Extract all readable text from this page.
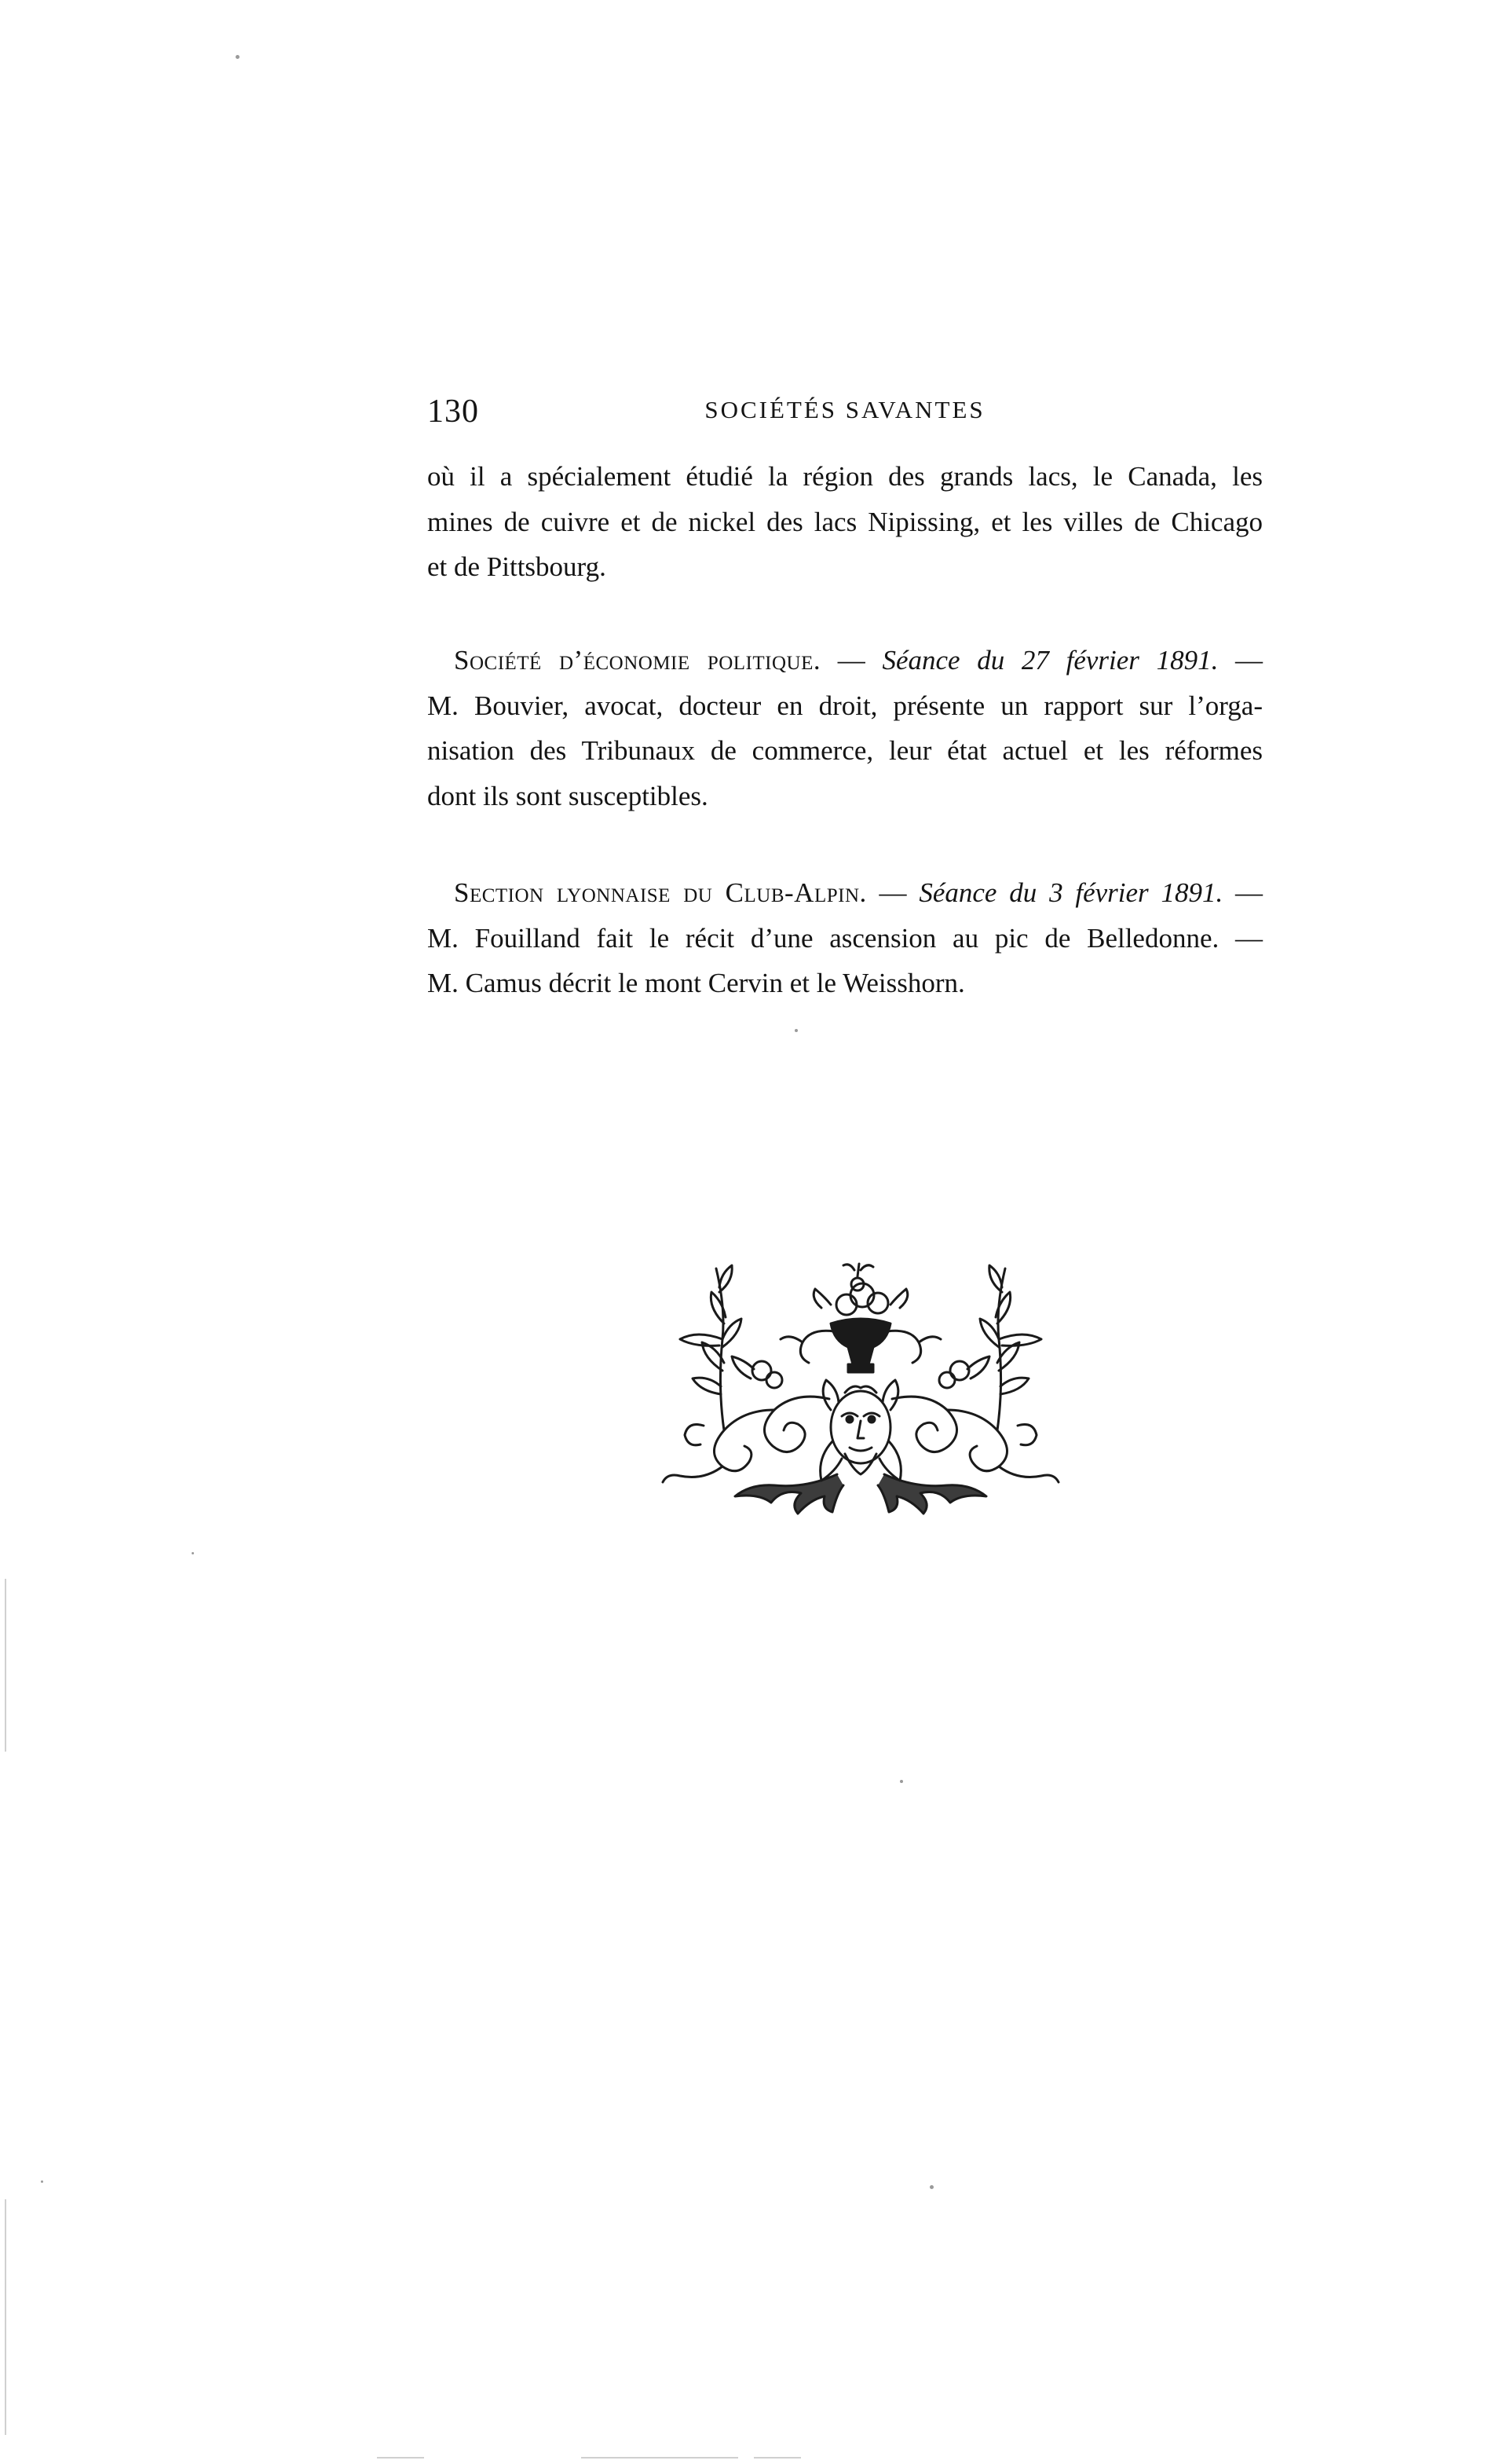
130	SOCIÉTÉS SAVANTES
où il a spécialement étudié la région des grands lacs, le Canada, les
mines de cuivre et de nickel des lacs Nipissing, et les villes de Chicago
et de Pittsbourg.
Société d’économie politique. — Séance du 27 février 1891. —
M. Bouvier, avocat, docteur en droit, présente un rapport sur l’orga-
nisation des Tribunaux de commerce, leur état actuel et les réformes
dont ils sont susceptibles.
Section lyonnaise du Club-Alpin. — Séance du 3 février 1891. —
M. Fouilland fait le récit d’une ascension au pic de Belledonne. —
M. Camus décrit le mont Cervin et le Weisshorn.
